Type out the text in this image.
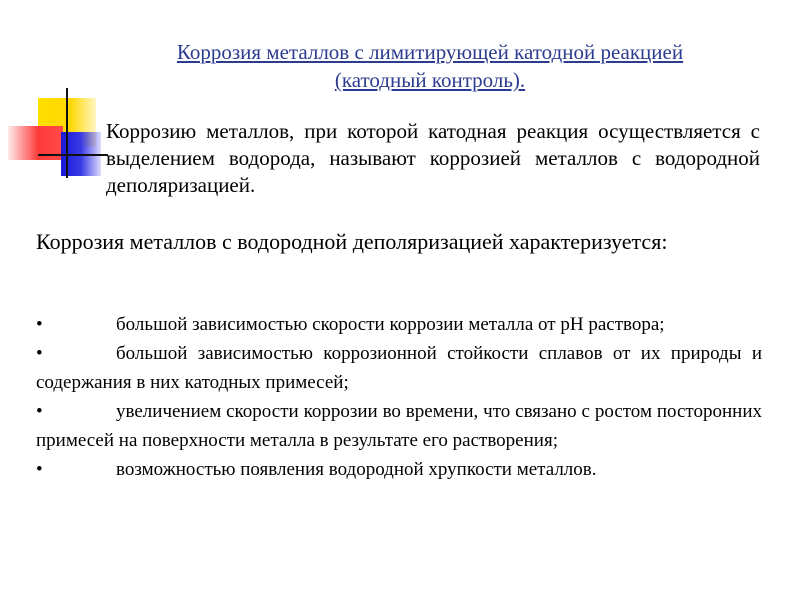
Коррозия металлов с лимитирующей катодной реакцией
(катодный контроль).
Коррозию металлов, при которой катодная реакция осуществляется с выделением водорода, называют коррозией металлов с водородной деполяризацией.
Коррозия металлов с водородной деполяризацией характеризуется:
•	большой зависимостью скорости коррозии металла от pH раствора;
•	большой зависимостью коррозионной стойкости сплавов от их природы и содержания в них катодных примесей;
•	увеличением скорости коррозии во времени, что связано с ростом посторонних примесей на поверхности металла в результате его растворения;
•	возможностью появления водородной хрупкости металлов.
